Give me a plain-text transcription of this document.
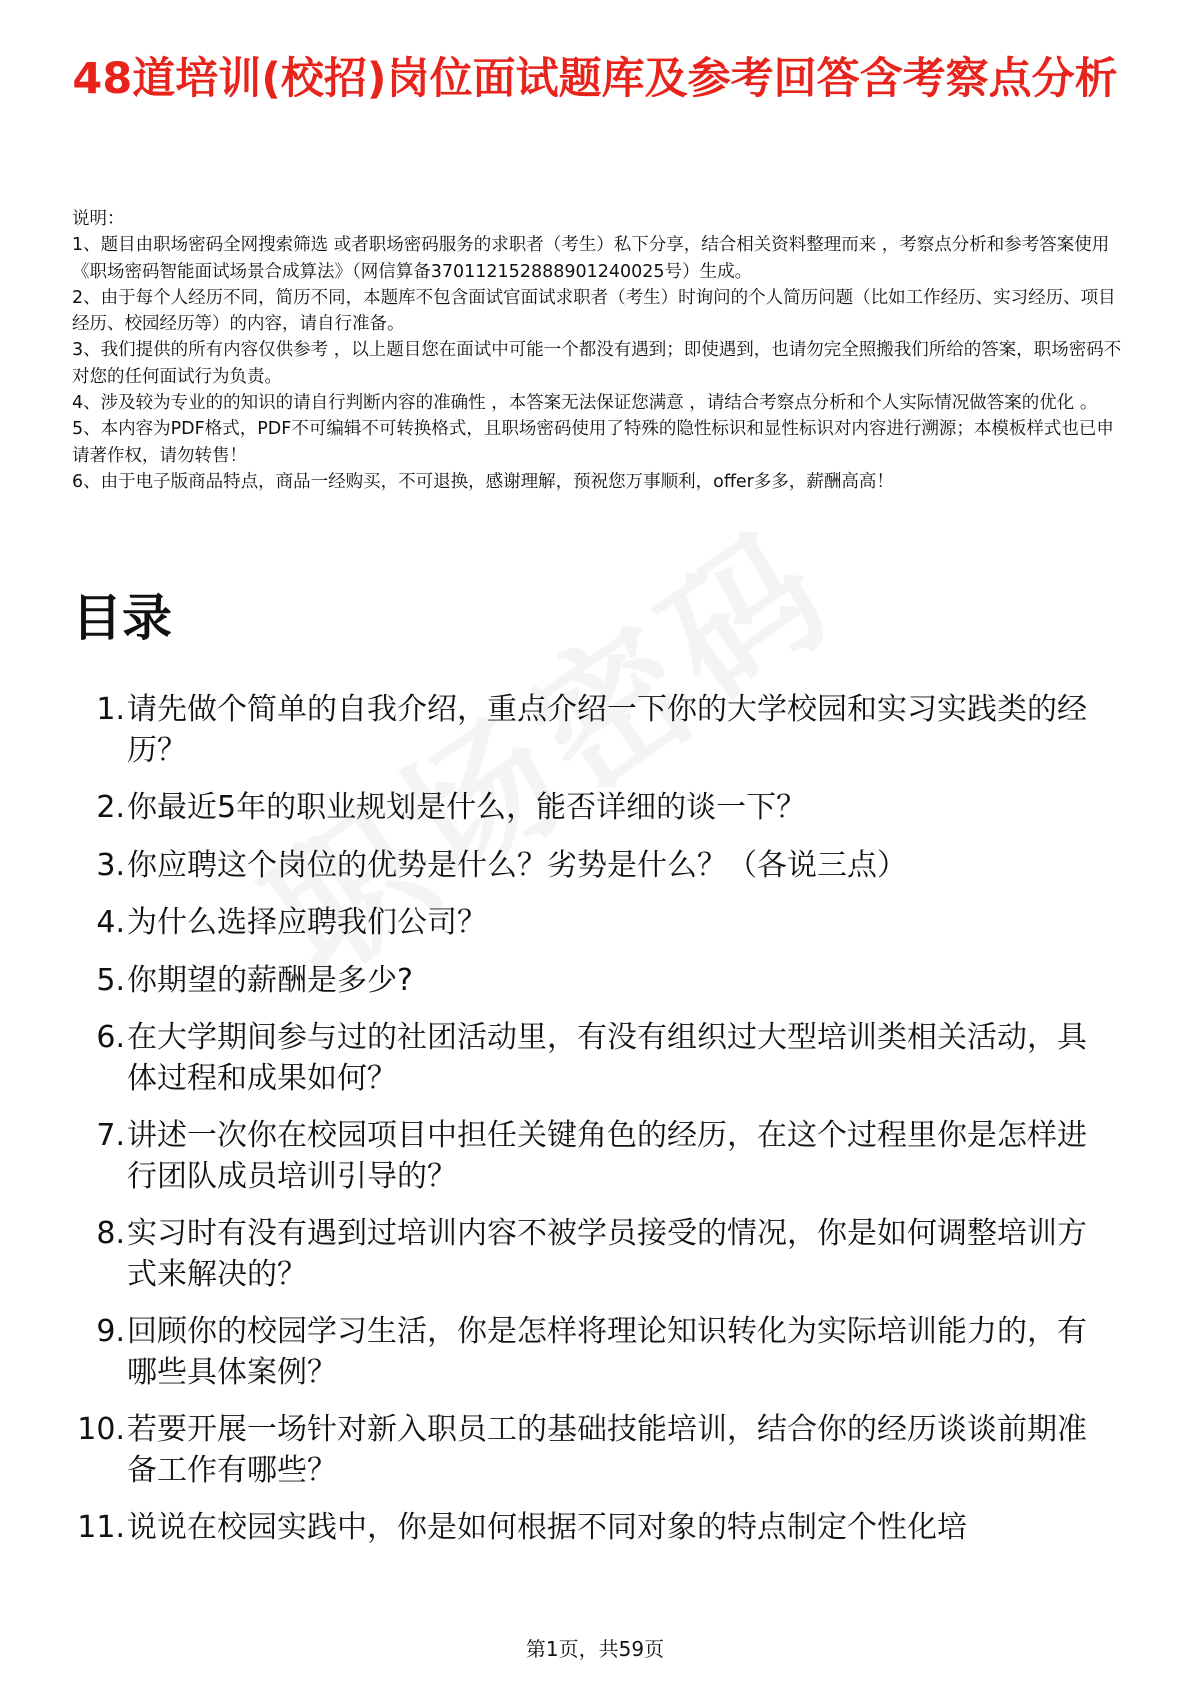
48道培训(校招)岗位面试题库及参考回答含考察点分析

说明：

1、题目由职场密码全网搜索筛选 或者职场密码服务的求职者（考生）私下分享，结合相关资料整理而来 ，考察点分析和参考答案使用《职场密码智能面试场景合成算法》（网信算备370112152888901240025号）生成。

2、由于每个人经历不同，简历不同，本题库不包含面试官面试求职者（考生）时询问的个人简历问题（比如工作经历、实习经历、项目经历、校园经历等）的内容，请自行准备。

3、我们提供的所有内容仅供参考 ，以上题目您在面试中可能一个都没有遇到；即使遇到，也请勿完全照搬我们所给的答案，职场密码不对您的任何面试行为负责。

4、涉及较为专业的的知识的请自行判断内容的准确性 ，本答案无法保证您满意 ，请结合考察点分析和个人实际情况做答案的优化 。

5、本内容为PDF格式，PDF不可编辑不可转换格式，且职场密码使用了特殊的隐性标识和显性标识对内容进行溯源；本模板样式也已申请著作权，请勿转售！

6、由于电子版商品特点，商品一经购买，不可退换，感谢理解，预祝您万事顺利，offer多多，薪酬高高！

目录
1. 请先做个简单的自我介绍，重点介绍一下你的大学校园和实习实践类的经历？
2. 你最近5年的职业规划是什么，能否详细的谈一下？
3. 你应聘这个岗位的优势是什么？劣势是什么？（各说三点）
4. 为什么选择应聘我们公司？
5. 你期望的薪酬是多少?
6. 在大学期间参与过的社团活动里，有没有组织过大型培训类相关活动，具体过程和成果如何？
7. 讲述一次你在校园项目中担任关键角色的经历，在这个过程里你是怎样进行团队成员培训引导的？
8. 实习时有没有遇到过培训内容不被学员接受的情况，你是如何调整培训方式来解决的？
9. 回顾你的校园学习生活，你是怎样将理论知识转化为实际培训能力的，有哪些具体案例？
10. 若要开展一场针对新入职员工的基础技能培训，结合你的经历谈谈前期准备工作有哪些？
11. 说说在校园实践中，你是如何根据不同对象的特点制定个性化培
第1页，共59页
